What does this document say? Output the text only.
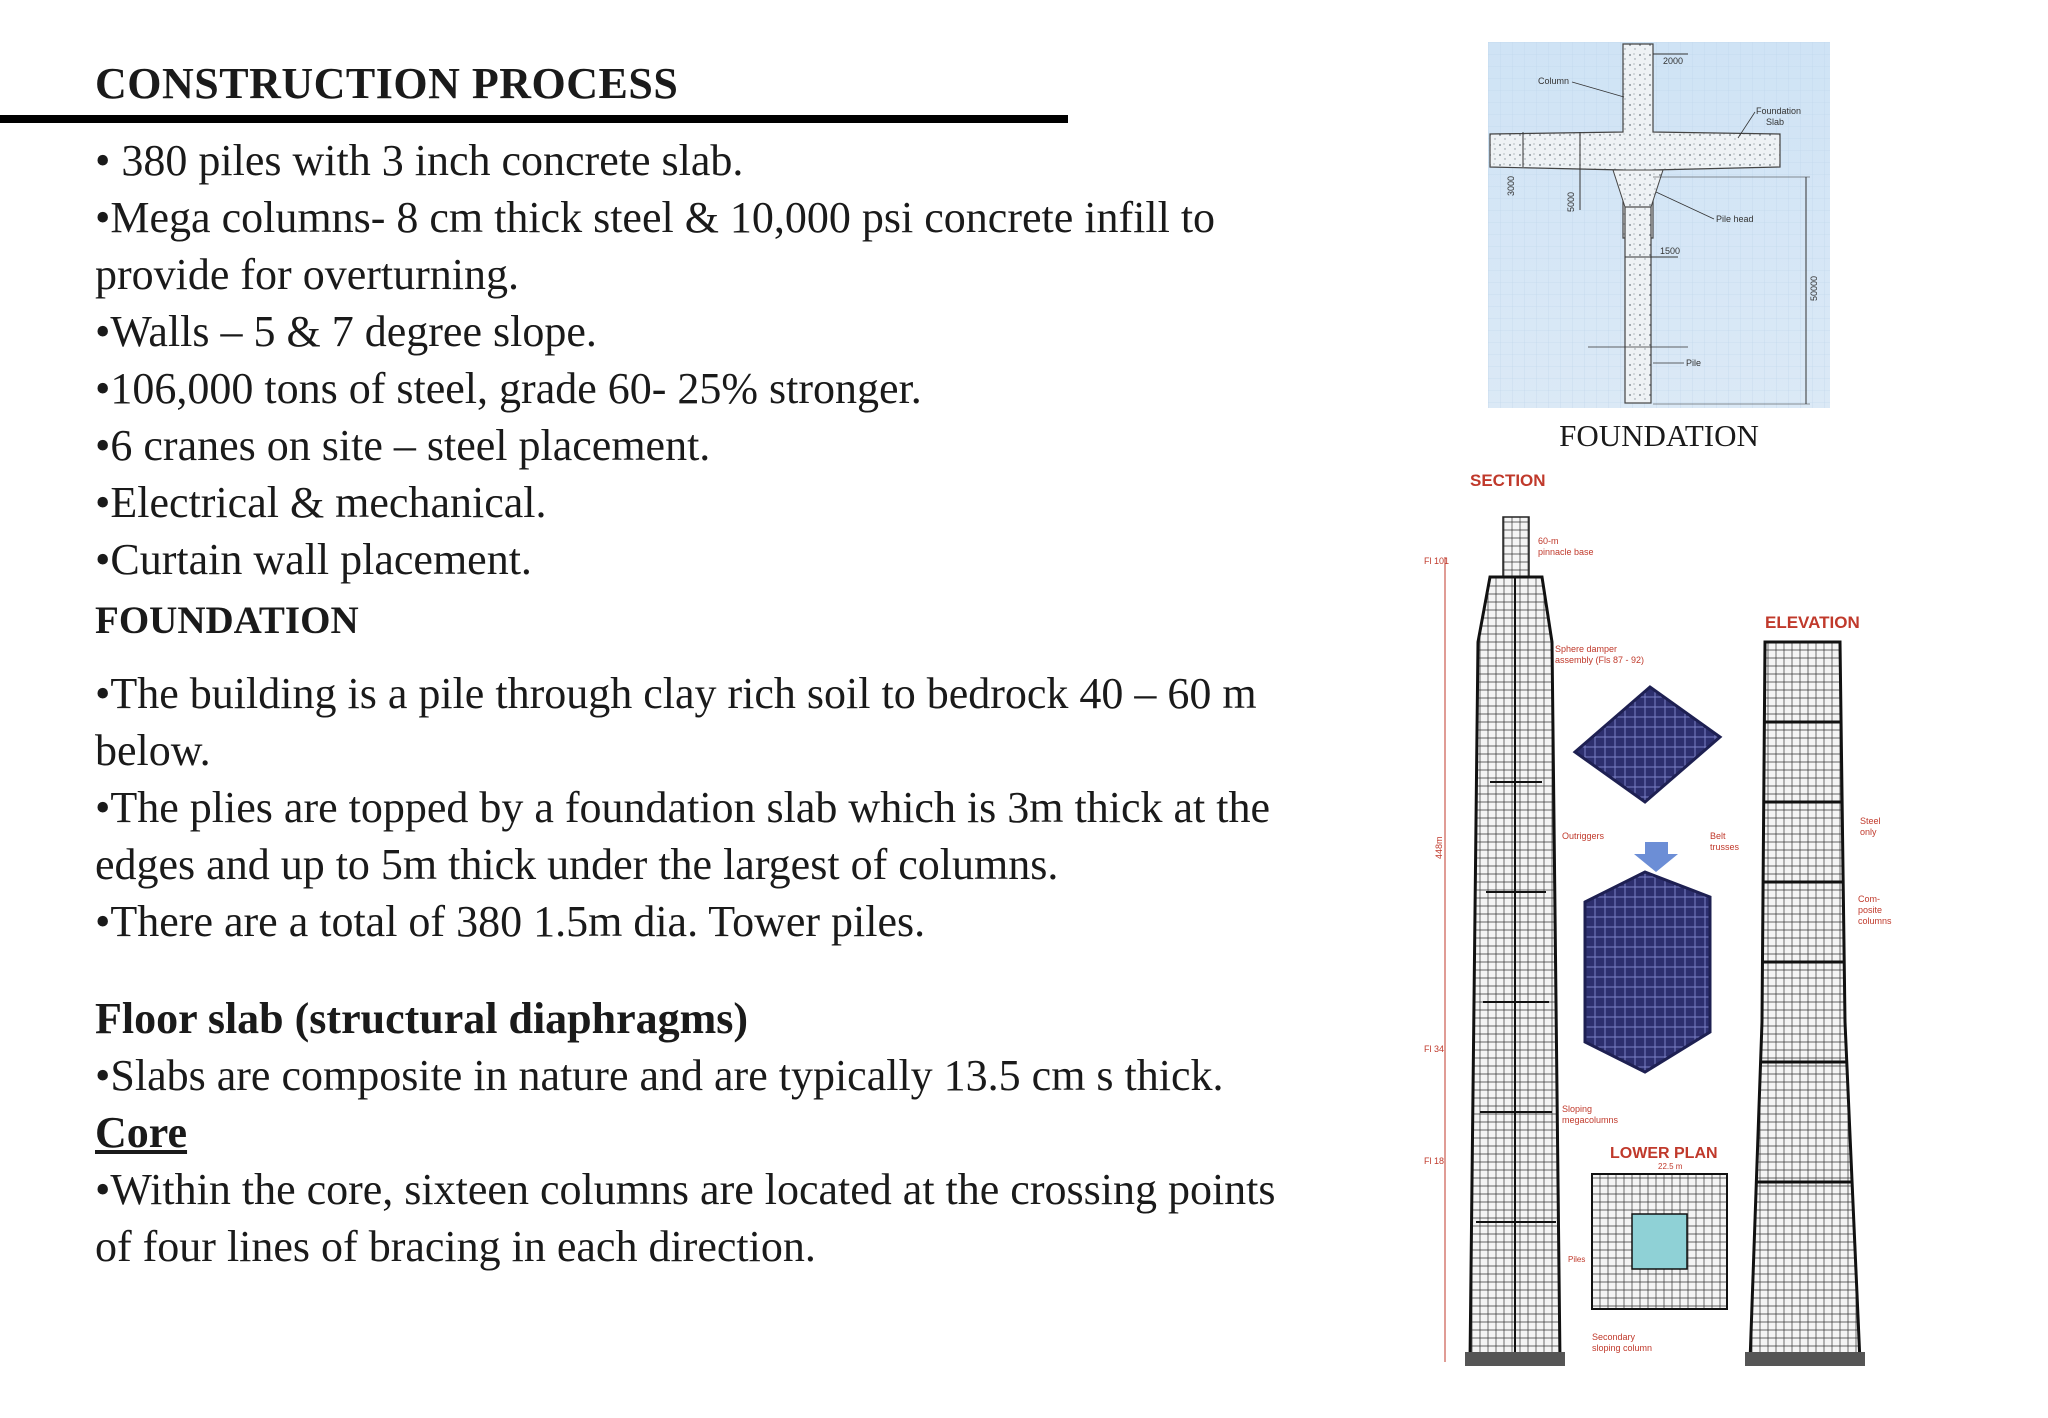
CONSTRUCTION PROCESS

• 380 piles with 3 inch concrete slab.

•Mega columns- 8 cm thick steel & 10,000 psi concrete infill to provide for overturning.

•Walls – 5 & 7 degree slope.

•106,000 tons of steel, grade 60- 25% stronger.

•6 cranes on site – steel placement.

•Electrical & mechanical.

•Curtain wall placement.

FOUNDATION

•The building is a pile through clay rich soil to bedrock 40 – 60 m below.

•The plies are topped by a foundation slab which is 3m thick at the edges and up to 5m thick under the largest of columns.

•There are a total of 380 1.5m dia. Tower piles.

Floor slab (structural diaphragms)

•Slabs are composite in nature and are typically 13.5 cm s thick.

Core

•Within the core, sixteen columns are located at the crossing points of four lines of bracing in each direction.

2000
Column
Foundation
Slab
3000
5000
Pile head
1500
50000
Pile
FOUNDATION
SECTION
ELEVATION
Fl 101
60-m
pinnacle base
Sphere damper
assembly (Fls 87 - 92)
448m
Fl 34
Fl 18
Outriggers	Belt
trusses
Sloping
megacolumns
LOWER PLAN
22.5 m
Piles
Secondary
sloping column
Steel
only
Com-
posite
columns
